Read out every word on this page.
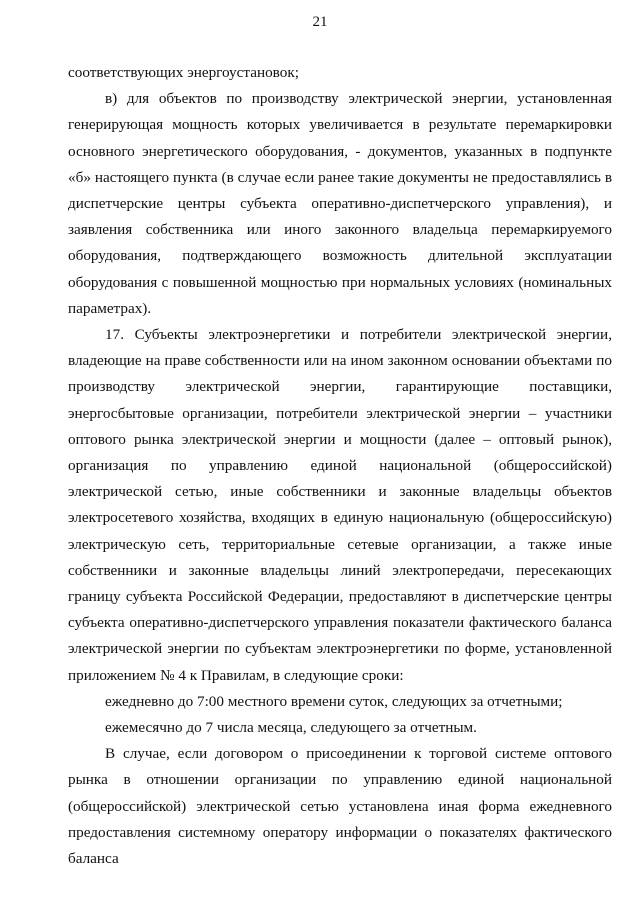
21

соответствующих энергоустановок;

в) для объектов по производству электрической энергии, установленная генерирующая мощность которых увеличивается в результате перемаркировки основного энергетического оборудования, - документов, указанных в подпункте «б» настоящего пункта (в случае если ранее такие документы не предоставлялись в диспетчерские центры субъекта оперативно-диспетчерского управления), и заявления собственника или иного законного владельца перемаркируемого оборудования, подтверждающего возможность длительной эксплуатации оборудования с повышенной мощностью при нормальных условиях (номинальных параметрах).

17. Субъекты электроэнергетики и потребители электрической энергии, владеющие на праве собственности или на ином законном основании объектами по производству электрической энергии, гарантирующие поставщики, энергосбытовые организации, потребители электрической энергии – участники оптового рынка электрической энергии и мощности (далее – оптовый рынок), организация по управлению единой национальной (общероссийской) электрической сетью, иные собственники и законные владельцы объектов электросетевого хозяйства, входящих в единую национальную (общероссийскую) электрическую сеть, территориальные сетевые организации, а также иные собственники и законные владельцы линий электропередачи, пересекающих границу субъекта Российской Федерации, предоставляют в диспетчерские центры субъекта оперативно-диспетчерского управления показатели фактического баланса электрической энергии по субъектам электроэнергетики по форме, установленной приложением № 4 к Правилам, в следующие сроки:

ежедневно до 7:00 местного времени суток, следующих за отчетными;

ежемесячно до 7 числа месяца, следующего за отчетным.

В случае, если договором о присоединении к торговой системе оптового рынка в отношении организации по управлению единой национальной (общероссийской) электрической сетью установлена иная форма ежедневного предоставления системному оператору информации о показателях фактического баланса
